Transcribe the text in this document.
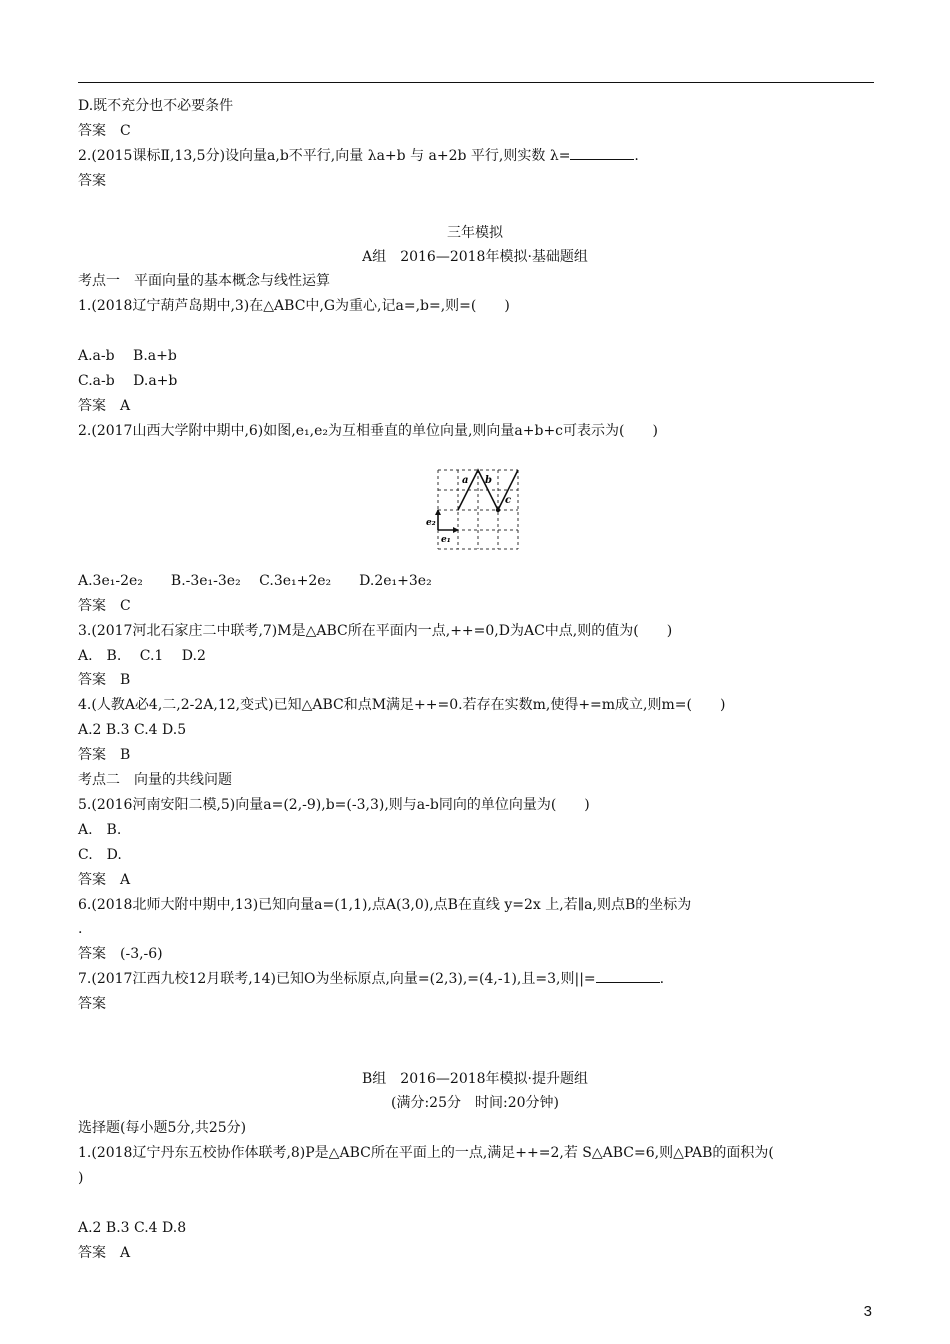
D.既不充分也不必要条件
答案　C
2.(2015课标Ⅱ,13,5分)设向量a,b不平行,向量 λa+b 与 a+2b 平行,则实数 λ=	.
答案
三年模拟
A组　2016—2018年模拟·基础题组
考点一　平面向量的基本概念与线性运算
1.(2018辽宁葫芦岛期中,3)在△ABC中,G为重心,记a=,b=,则=(　　)
A.a-b　 B.a+b
C.a-b　 D.a+b
答案　A
2.(2017山西大学附中期中,6)如图,e₁,e₂为互相垂直的单位向量,则向量a+b+c可表示为(　　)
a b
c
e₂
e₁
A.3e₁-2e₂　　B.-3e₁-3e₂　 C.3e₁+2e₂　　D.2e₁+3e₂
答案　C
3.(2017河北石家庄二中联考,7)M是△ABC所在平面内一点,++=0,D为AC中点,则的值为(　　)
A.　B.　 C.1　 D.2
答案　B
4.(人教A必4,二,2-2A,12,变式)已知△ABC和点M满足++=0.若存在实数m,使得+=m成立,则m=(　　)
A.2 B.3 C.4 D.5
答案　B
考点二　向量的共线问题
5.(2016河南安阳二模,5)向量a=(2,-9),b=(-3,3),则与a-b同向的单位向量为(　　)
A.　B.
C.　D.
答案　A
6.(2018北师大附中期中,13)已知向量a=(1,1),点A(3,0),点B在直线 y=2x 上,若∥a,则点B的坐标为
.
答案　(-3,-6)
7.(2017江西九校12月联考,14)已知O为坐标原点,向量=(2,3),=(4,-1),且=3,则||=	.
答案
B组　2016—2018年模拟·提升题组
(满分:25分　时间:20分钟)
选择题(每小题5分,共25分)
1.(2018辽宁丹东五校协作体联考,8)P是△ABC所在平面上的一点,满足++=2,若 S△ABC=6,则△PAB的面积为(
)
A.2 B.3 C.4 D.8
答案　A
3
